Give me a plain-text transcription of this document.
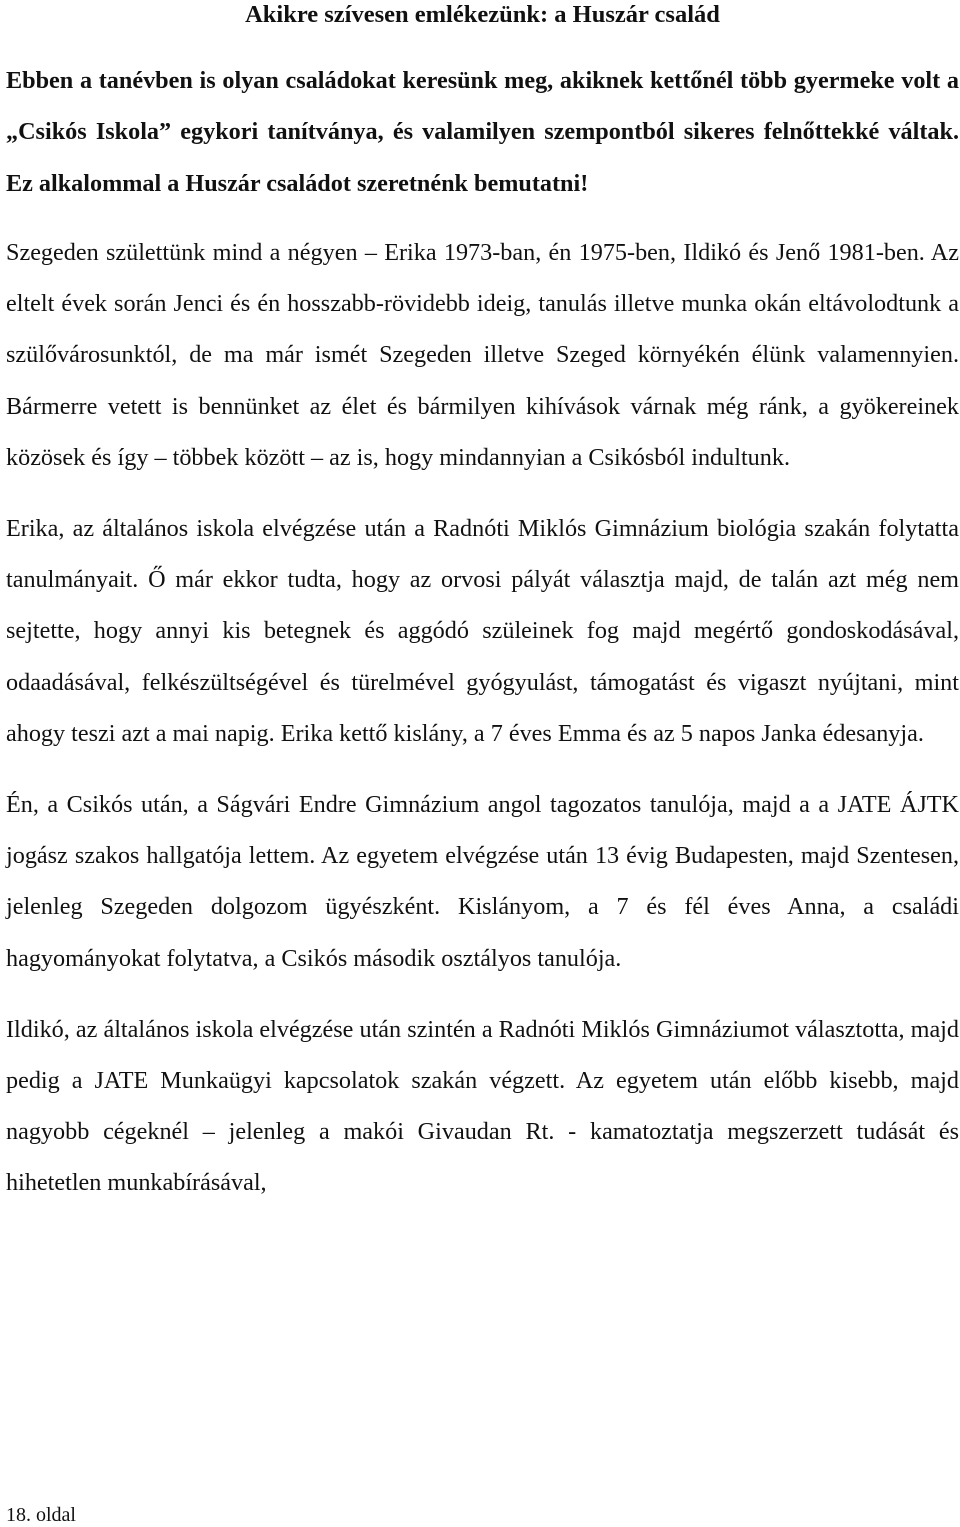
Akikre szívesen emlékezünk: a Huszár család

Ebben a tanévben is olyan családokat keresünk meg, akiknek kettőnél több gyermeke volt a „Csikós Iskola” egykori tanítványa, és valamilyen szempontból sikeres felnőttekké váltak. Ez alkalommal a Huszár családot szeretnénk bemutatni!

Szegeden születtünk mind a négyen – Erika 1973-ban, én 1975-ben, Ildikó és Jenő 1981-ben. Az eltelt évek során Jenci és én hosszabb-rövidebb ideig, tanulás illetve munka okán eltávolodtunk a szülővárosunktól, de ma már ismét Szegeden illetve Szeged környékén élünk valamennyien. Bármerre vetett is bennünket az élet és bármilyen kihívások várnak még ránk, a gyökereinek közösek és így – többek között – az is, hogy mindannyian a Csikósból indultunk.

Erika, az általános iskola elvégzése után a Radnóti Miklós Gimnázium biológia szakán folytatta tanulmányait. Ő már ekkor tudta, hogy az orvosi pályát választja majd, de talán azt még nem sejtette, hogy annyi kis betegnek és aggódó szüleinek fog majd megértő gondoskodásával, odaadásával, felkészültségével és türelmével gyógyulást, támogatást és vigaszt nyújtani, mint ahogy teszi azt a mai napig. Erika kettő kislány, a 7 éves Emma és az 5 napos Janka édesanyja.

Én, a Csikós után, a Ságvári Endre Gimnázium angol tagozatos tanulója, majd a a JATE ÁJTK jogász szakos hallgatója lettem. Az egyetem elvégzése után 13 évig Budapesten, majd Szentesen, jelenleg Szegeden dolgozom ügyészként. Kislányom, a 7 és fél éves Anna, a családi hagyományokat folytatva, a Csikós második osztályos tanulója.

Ildikó, az általános iskola elvégzése után szintén a Radnóti Miklós Gimnáziumot választotta, majd pedig a JATE Munkaügyi kapcsolatok szakán végzett. Az egyetem után előbb kisebb, majd nagyobb cégeknél – jelenleg a makói Givaudan Rt. - kamatoztatja megszerzett tudását és hihetetlen munkabírásával,

18. oldal
